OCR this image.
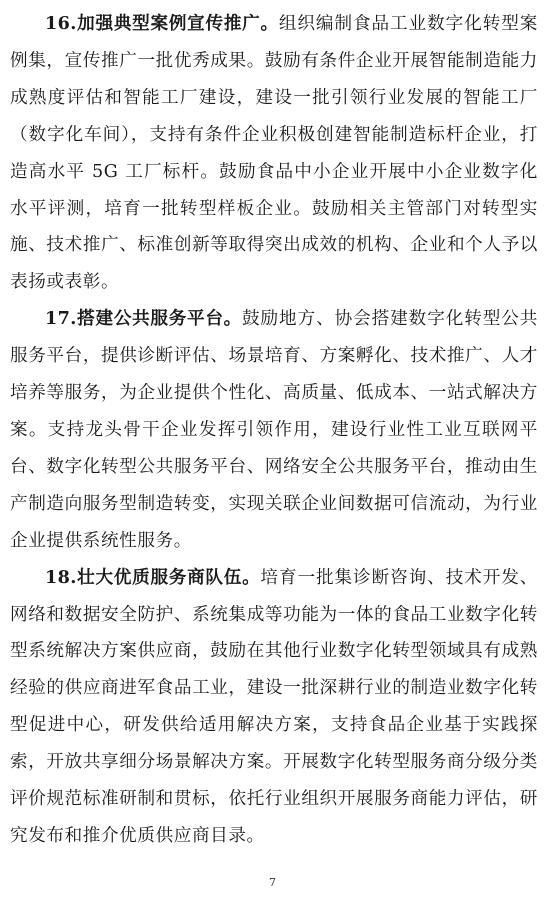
16.加强典型案例宣传推广。组织编制食品工业数字化转型案例集，宣传推广一批优秀成果。鼓励有条件企业开展智能制造能力成熟度评估和智能工厂建设，建设一批引领行业发展的智能工厂（数字化车间），支持有条件企业积极创建智能制造标杆企业，打造高水平 5G 工厂标杆。鼓励食品中小企业开展中小企业数字化水平评测，培育一批转型样板企业。鼓励相关主管部门对转型实施、技术推广、标准创新等取得突出成效的机构、企业和个人予以表扬或表彰。

17.搭建公共服务平台。鼓励地方、协会搭建数字化转型公共服务平台，提供诊断评估、场景培育、方案孵化、技术推广、人才培养等服务，为企业提供个性化、高质量、低成本、一站式解决方案。支持龙头骨干企业发挥引领作用，建设行业性工业互联网平台、数字化转型公共服务平台、网络安全公共服务平台，推动由生产制造向服务型制造转变，实现关联企业间数据可信流动，为行业企业提供系统性服务。

18.壮大优质服务商队伍。培育一批集诊断咨询、技术开发、网络和数据安全防护、系统集成等功能为一体的食品工业数字化转型系统解决方案供应商，鼓励在其他行业数字化转型领域具有成熟经验的供应商进军食品工业，建设一批深耕行业的制造业数字化转型促进中心，研发供给适用解决方案，支持食品企业基于实践探索，开放共享细分场景解决方案。开展数字化转型服务商分级分类评价规范标准研制和贯标，依托行业组织开展服务商能力评估，研究发布和推介优质供应商目录。

7
